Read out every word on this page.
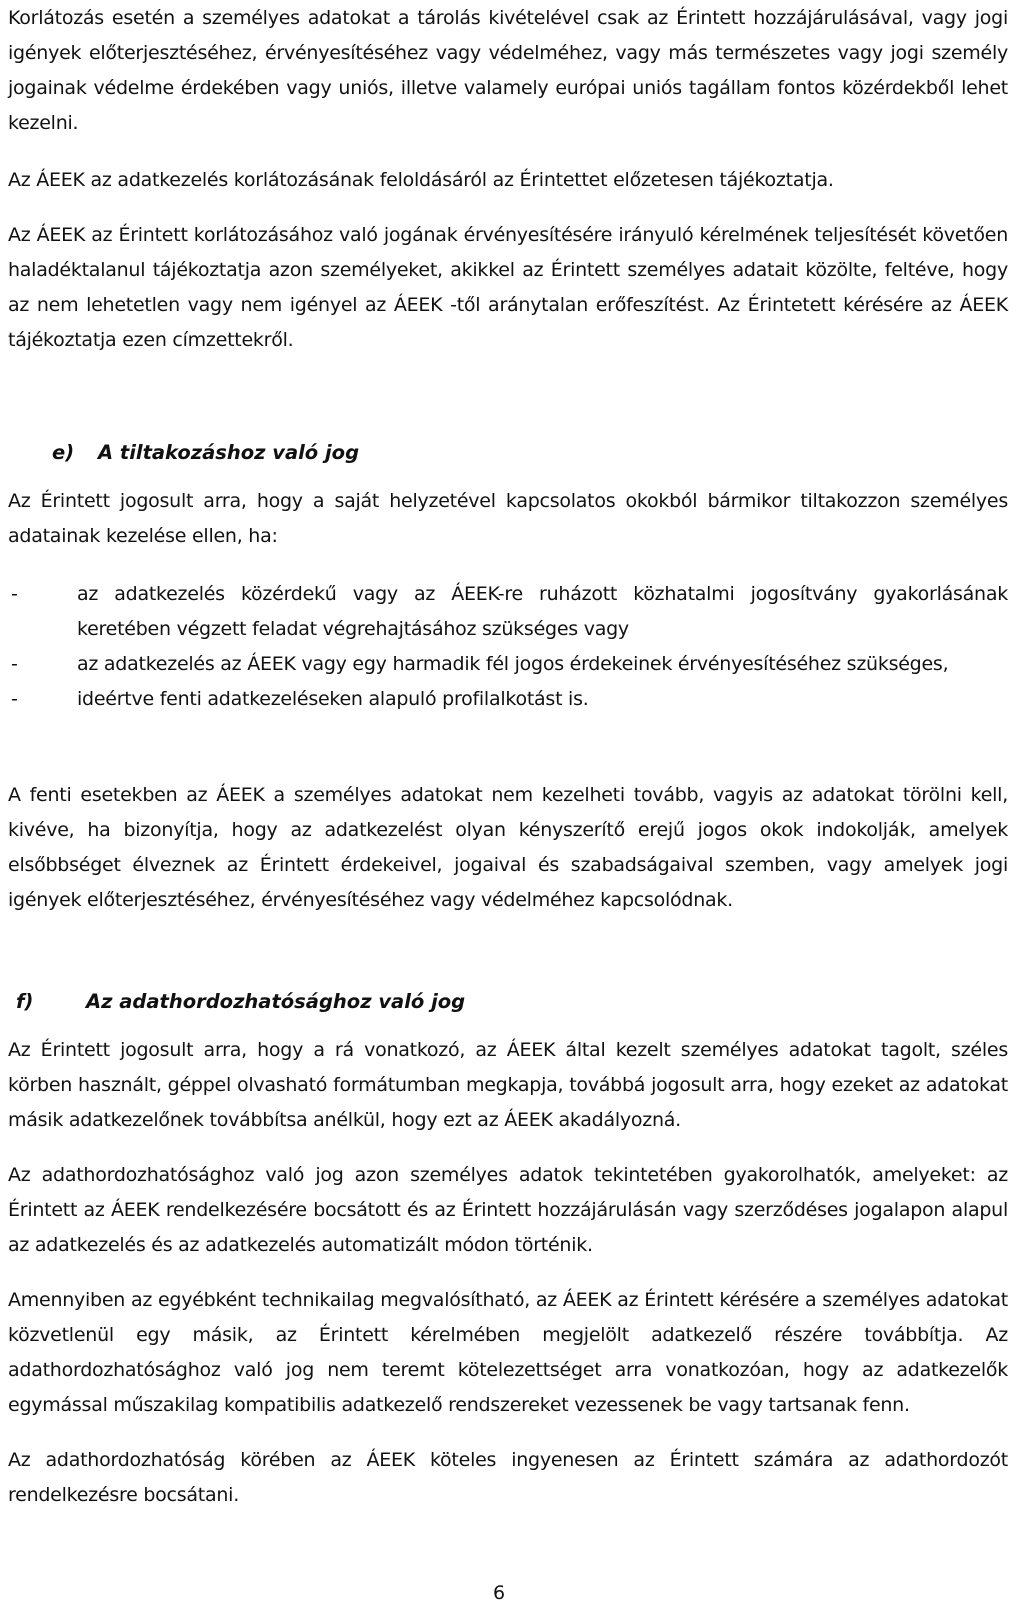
Korlátozás esetén a személyes adatokat a tárolás kivételével csak az Érintett hozzájárulásával, vagy jogi igények előterjesztéséhez, érvényesítéséhez vagy védelméhez, vagy más természetes vagy jogi személy jogainak védelme érdekében vagy uniós, illetve valamely európai uniós tagállam fontos közérdekből lehet kezelni.

Az ÁEEK az adatkezelés korlátozásának feloldásáról az Érintettet előzetesen tájékoztatja.

Az ÁEEK az Érintett korlátozásához való jogának érvényesítésére irányuló kérelmének teljesítését követően haladéktalanul tájékoztatja azon személyeket, akikkel az Érintett személyes adatait közölte, feltéve, hogy az nem lehetetlen vagy nem igényel az ÁEEK -től aránytalan erőfeszítést. Az Érintetett kérésére az ÁEEK tájékoztatja ezen címzettekről.

e) A tiltakozáshoz való jog

Az Érintett jogosult arra, hogy a saját helyzetével kapcsolatos okokból bármikor tiltakozzon személyes adatainak kezelése ellen, ha:

-	az adatkezelés közérdekű vagy az ÁEEK-re ruházott közhatalmi jogosítvány gyakorlásának keretében végzett feladat végrehajtásához szükséges vagy
-	az adatkezelés az ÁEEK vagy egy harmadik fél jogos érdekeinek érvényesítéséhez szükséges,
-	ideértve fenti adatkezeléseken alapuló profilalkotást is.

A fenti esetekben az ÁEEK a személyes adatokat nem kezelheti tovább, vagyis az adatokat törölni kell, kivéve, ha bizonyítja, hogy az adatkezelést olyan kényszerítő erejű jogos okok indokolják, amelyek elsőbbséget élveznek az Érintett érdekeivel, jogaival és szabadságaival szemben, vagy amelyek jogi igények előterjesztéséhez, érvényesítéséhez vagy védelméhez kapcsolódnak.

f)	Az adathordozhatósághoz való jog

Az Érintett jogosult arra, hogy a rá vonatkozó, az ÁEEK által kezelt személyes adatokat tagolt, széles körben használt, géppel olvasható formátumban megkapja, továbbá jogosult arra, hogy ezeket az adatokat másik adatkezelőnek továbbítsa anélkül, hogy ezt az ÁEEK akadályozná.

Az adathordozhatósághoz való jog azon személyes adatok tekintetében gyakorolhatók, amelyeket: az Érintett az ÁEEK rendelkezésére bocsátott és az Érintett hozzájárulásán vagy szerződéses jogalapon alapul az adatkezelés és az adatkezelés automatizált módon történik.

Amennyiben az egyébként technikailag megvalósítható, az ÁEEK az Érintett kérésére a személyes adatokat közvetlenül egy másik, az Érintett kérelmében megjelölt adatkezelő részére továbbítja. Az adathordozhatósághoz való jog nem teremt kötelezettséget arra vonatkozóan, hogy az adatkezelők egymással műszakilag kompatibilis adatkezelő rendszereket vezessenek be vagy tartsanak fenn.

Az adathordozhatóság körében az ÁEEK köteles ingyenesen az Érintett számára az adathordozót rendelkezésre bocsátani.

6
